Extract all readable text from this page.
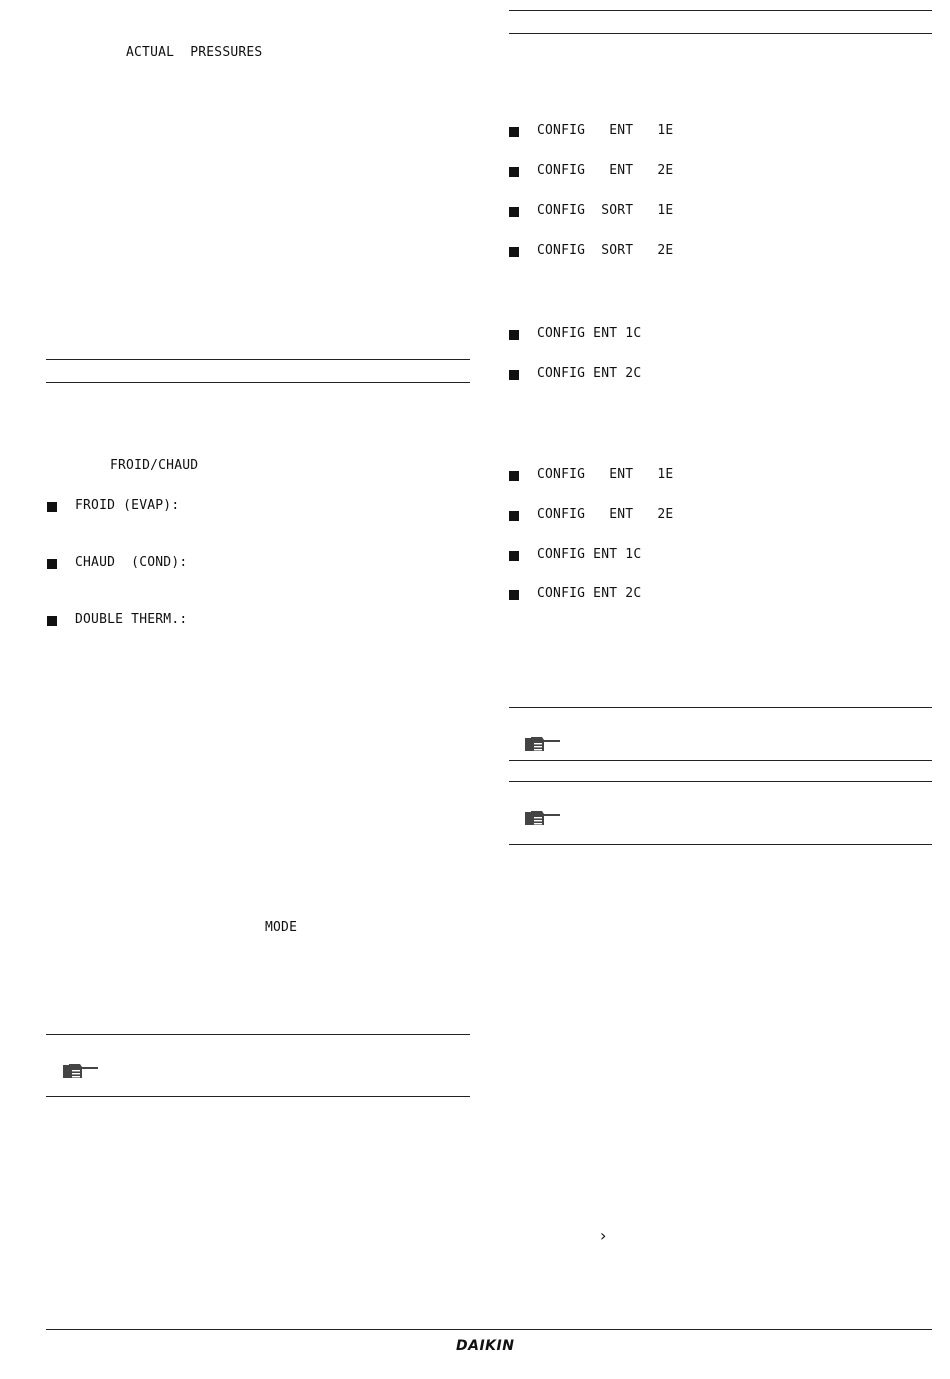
ACTUAL  PRESSURES
FROID/CHAUD
FROID (EVAP):
CHAUD  (COND):
DOUBLE THERM.:
MODE
CONFIG   ENT   1E
CONFIG   ENT   2E
CONFIG  SORT   1E
CONFIG  SORT   2E
CONFIG ENT 1C
CONFIG ENT 2C
CONFIG   ENT   1E
CONFIG   ENT   2E
CONFIG ENT 1C
CONFIG ENT 2C
›
DAIKIN
